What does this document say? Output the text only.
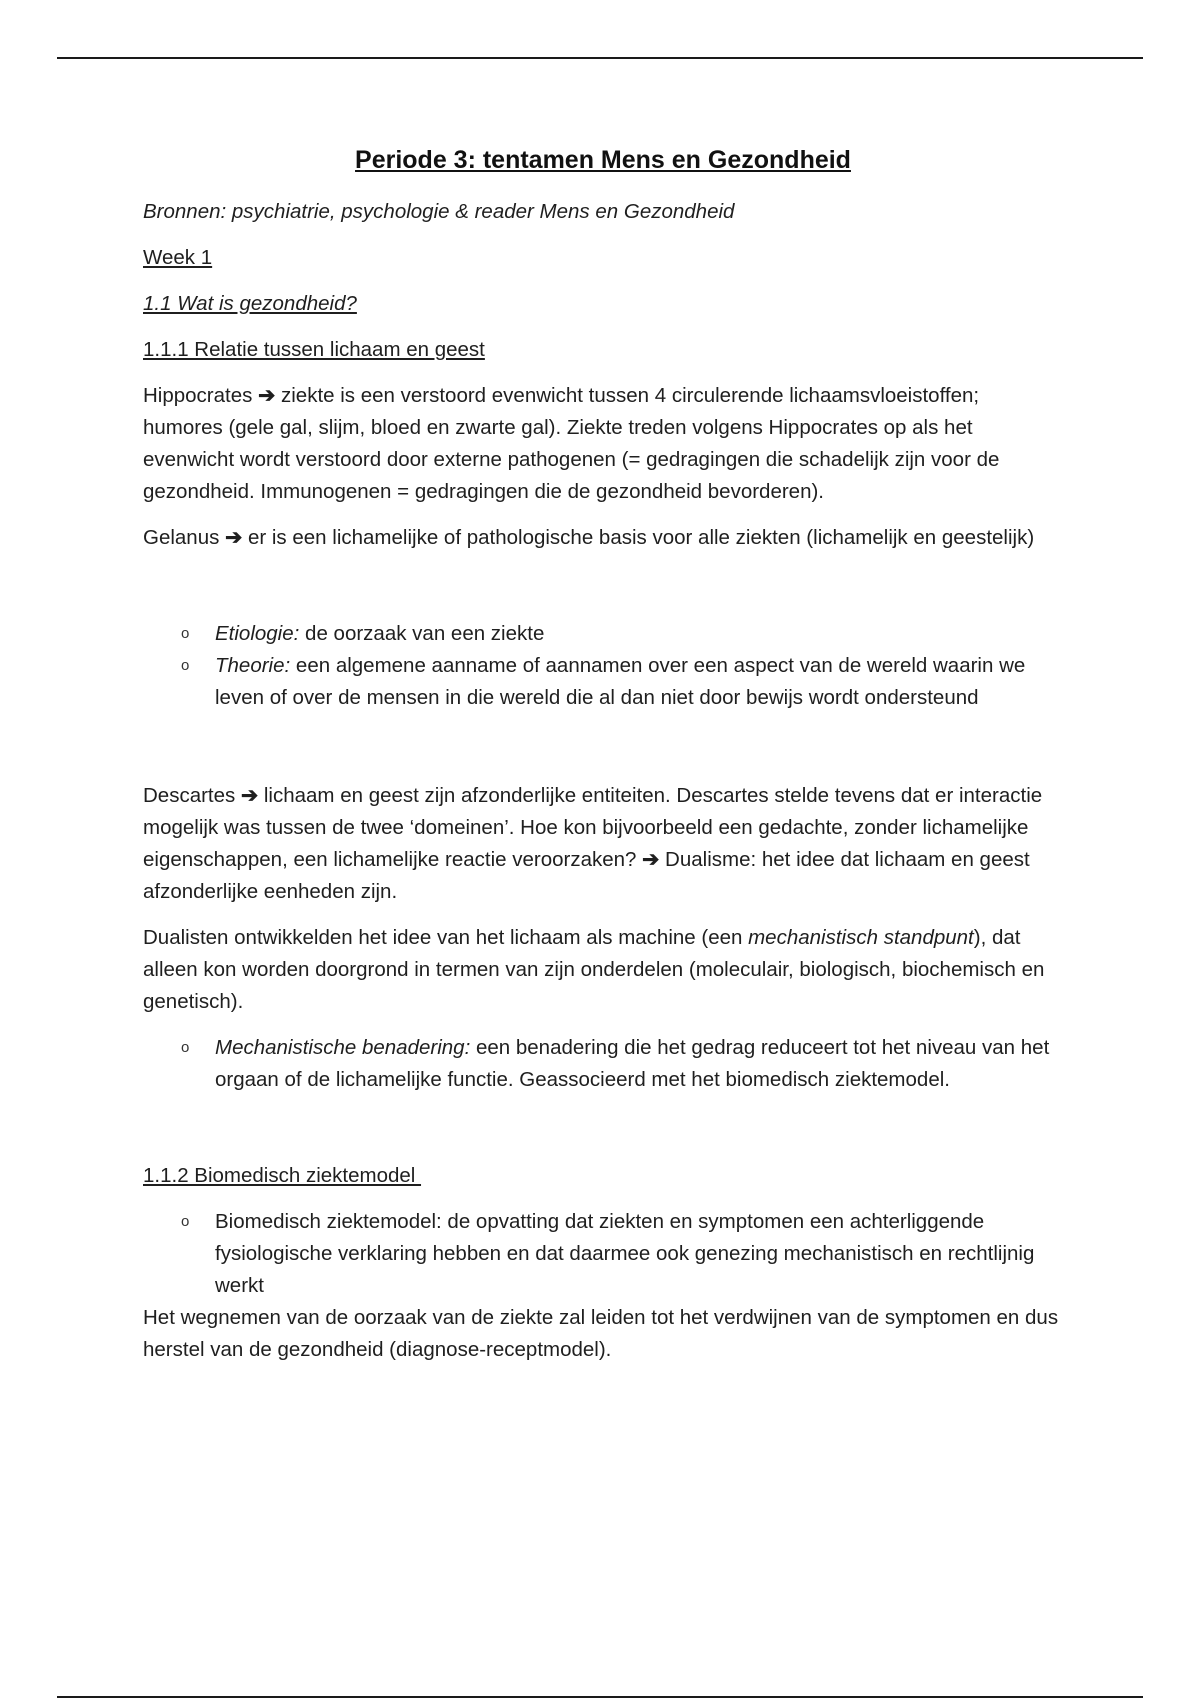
Periode 3: tentamen Mens en Gezondheid

Bronnen: psychiatrie, psychologie & reader Mens en Gezondheid

Week 1

1.1 Wat is gezondheid?

1.1.1 Relatie tussen lichaam en geest

Hippocrates ➔ ziekte is een verstoord evenwicht tussen 4 circulerende lichaamsvloeistoffen; humores (gele gal, slijm, bloed en zwarte gal). Ziekte treden volgens Hippocrates op als het evenwicht wordt verstoord door externe pathogenen (= gedragingen die schadelijk zijn voor de gezondheid. Immunogenen = gedragingen die de gezondheid bevorderen).

Gelanus ➔ er is een lichamelijke of pathologische basis voor alle ziekten (lichamelijk en geestelijk)

o Etiologie: de oorzaak van een ziekte
o Theorie: een algemene aanname of aannamen over een aspect van de wereld waarin we leven of over de mensen in die wereld die al dan niet door bewijs wordt ondersteund

Descartes ➔ lichaam en geest zijn afzonderlijke entiteiten. Descartes stelde tevens dat er interactie mogelijk was tussen de twee ‘domeinen’. Hoe kon bijvoorbeeld een gedachte, zonder lichamelijke eigenschappen, een lichamelijke reactie veroorzaken? ➔ Dualisme: het idee dat lichaam en geest afzonderlijke eenheden zijn.

Dualisten ontwikkelden het idee van het lichaam als machine (een mechanistisch standpunt), dat alleen kon worden doorgrond in termen van zijn onderdelen (moleculair, biologisch, biochemisch en genetisch).

o Mechanistische benadering: een benadering die het gedrag reduceert tot het niveau van het orgaan of de lichamelijke functie. Geassocieerd met het biomedisch ziektemodel.

1.1.2 Biomedisch ziektemodel

o Biomedisch ziektemodel: de opvatting dat ziekten en symptomen een achterliggende fysiologische verklaring hebben en dat daarmee ook genezing mechanistisch en rechtlijnig werkt

Het wegnemen van de oorzaak van de ziekte zal leiden tot het verdwijnen van de symptomen en dus herstel van de gezondheid (diagnose-receptmodel).
